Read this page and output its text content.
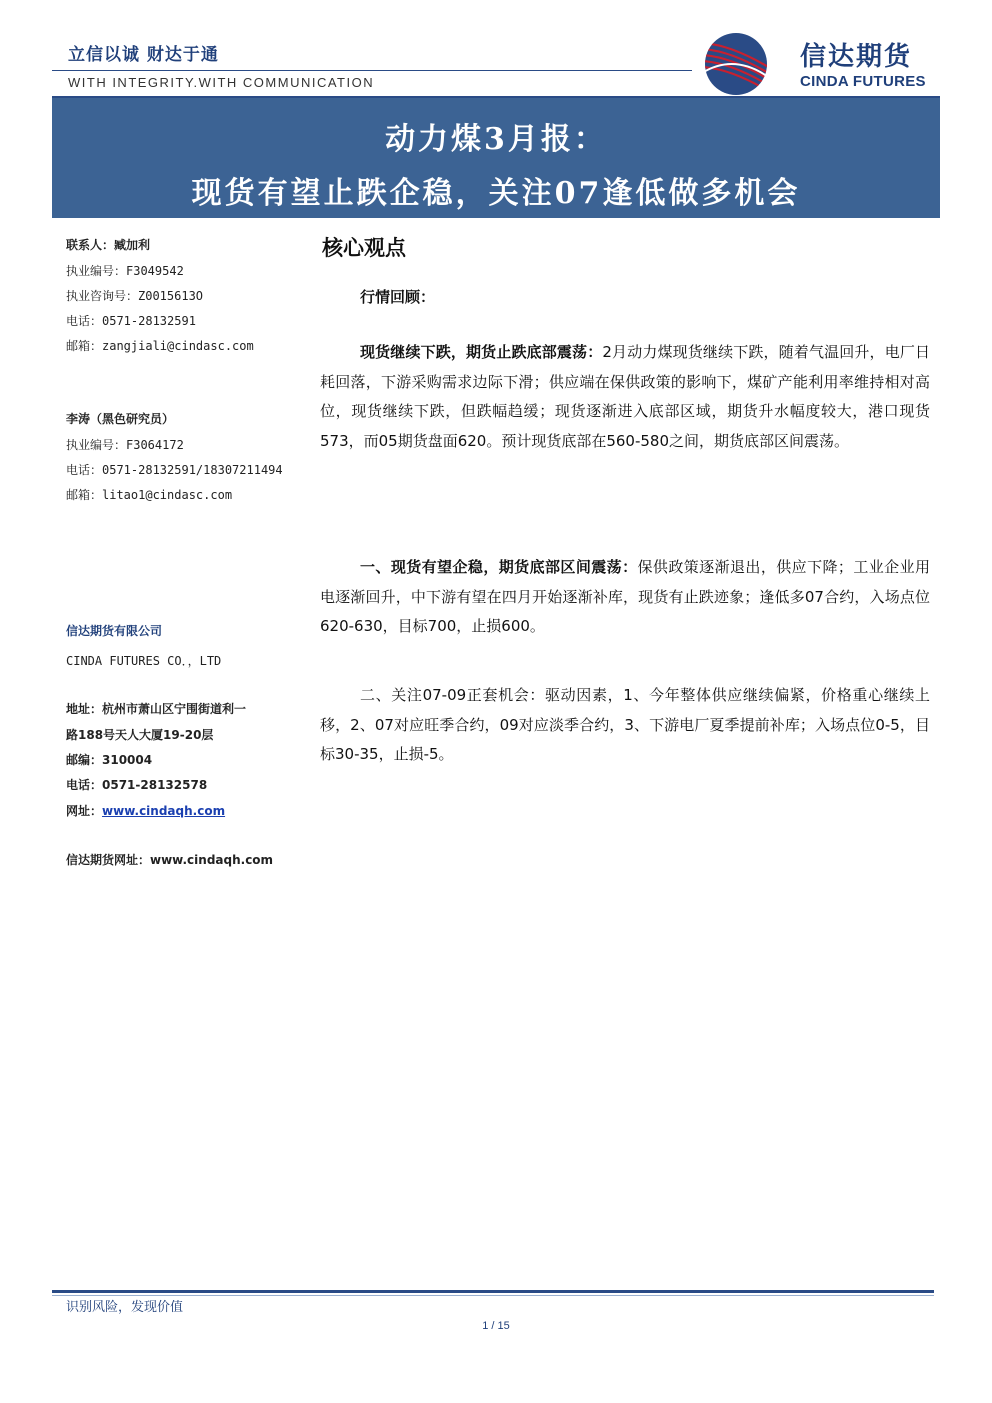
立信以诚 财达于通
WITH INTEGRITY.WITH COMMUNICATION
信达期货
CINDA FUTURES
动力煤3月报：
现货有望止跌企稳，关注07逢低做多机会
联系人：臧加利
执业编号：F3049542
执业咨询号：Z0015613O
电话：0571-28132591
邮箱：zangjiali@cindasc.com
李涛（黑色研究员）
执业编号：F3064172
电话：0571-28132591/18307211494
邮箱：litao1@cindasc.com
信达期货有限公司
CINDA FUTURES CO．，LTD
地址：杭州市萧山区宁围街道利一
路188号天人大厦19-20层
邮编：310004
电话：0571-28132578
网址：www.cindaqh.com
信达期货网址：www.cindaqh.com
核心观点
行情回顾：

现货继续下跌，期货止跌底部震荡：2月动力煤现货继续下跌，随着气温回升，电厂日耗回落，下游采购需求边际下滑；供应端在保供政策的影响下，煤矿产能利用率维持相对高位，现货继续下跌，但跌幅趋缓；现货逐渐进入底部区域，期货升水幅度较大，港口现货573，而05期货盘面620。预计现货底部在560-580之间，期货底部区间震荡。

一、现货有望企稳，期货底部区间震荡：保供政策逐渐退出，供应下降；工业企业用电逐渐回升，中下游有望在四月开始逐渐补库，现货有止跌迹象；逢低多07合约，入场点位620-630，目标700，止损600。

二、关注07-09正套机会：驱动因素，1、今年整体供应继续偏紧，价格重心继续上移，2、07对应旺季合约，09对应淡季合约，3、下游电厂夏季提前补库；入场点位0-5，目标30-35，止损-5。

识别风险，发现价值
1 / 15
